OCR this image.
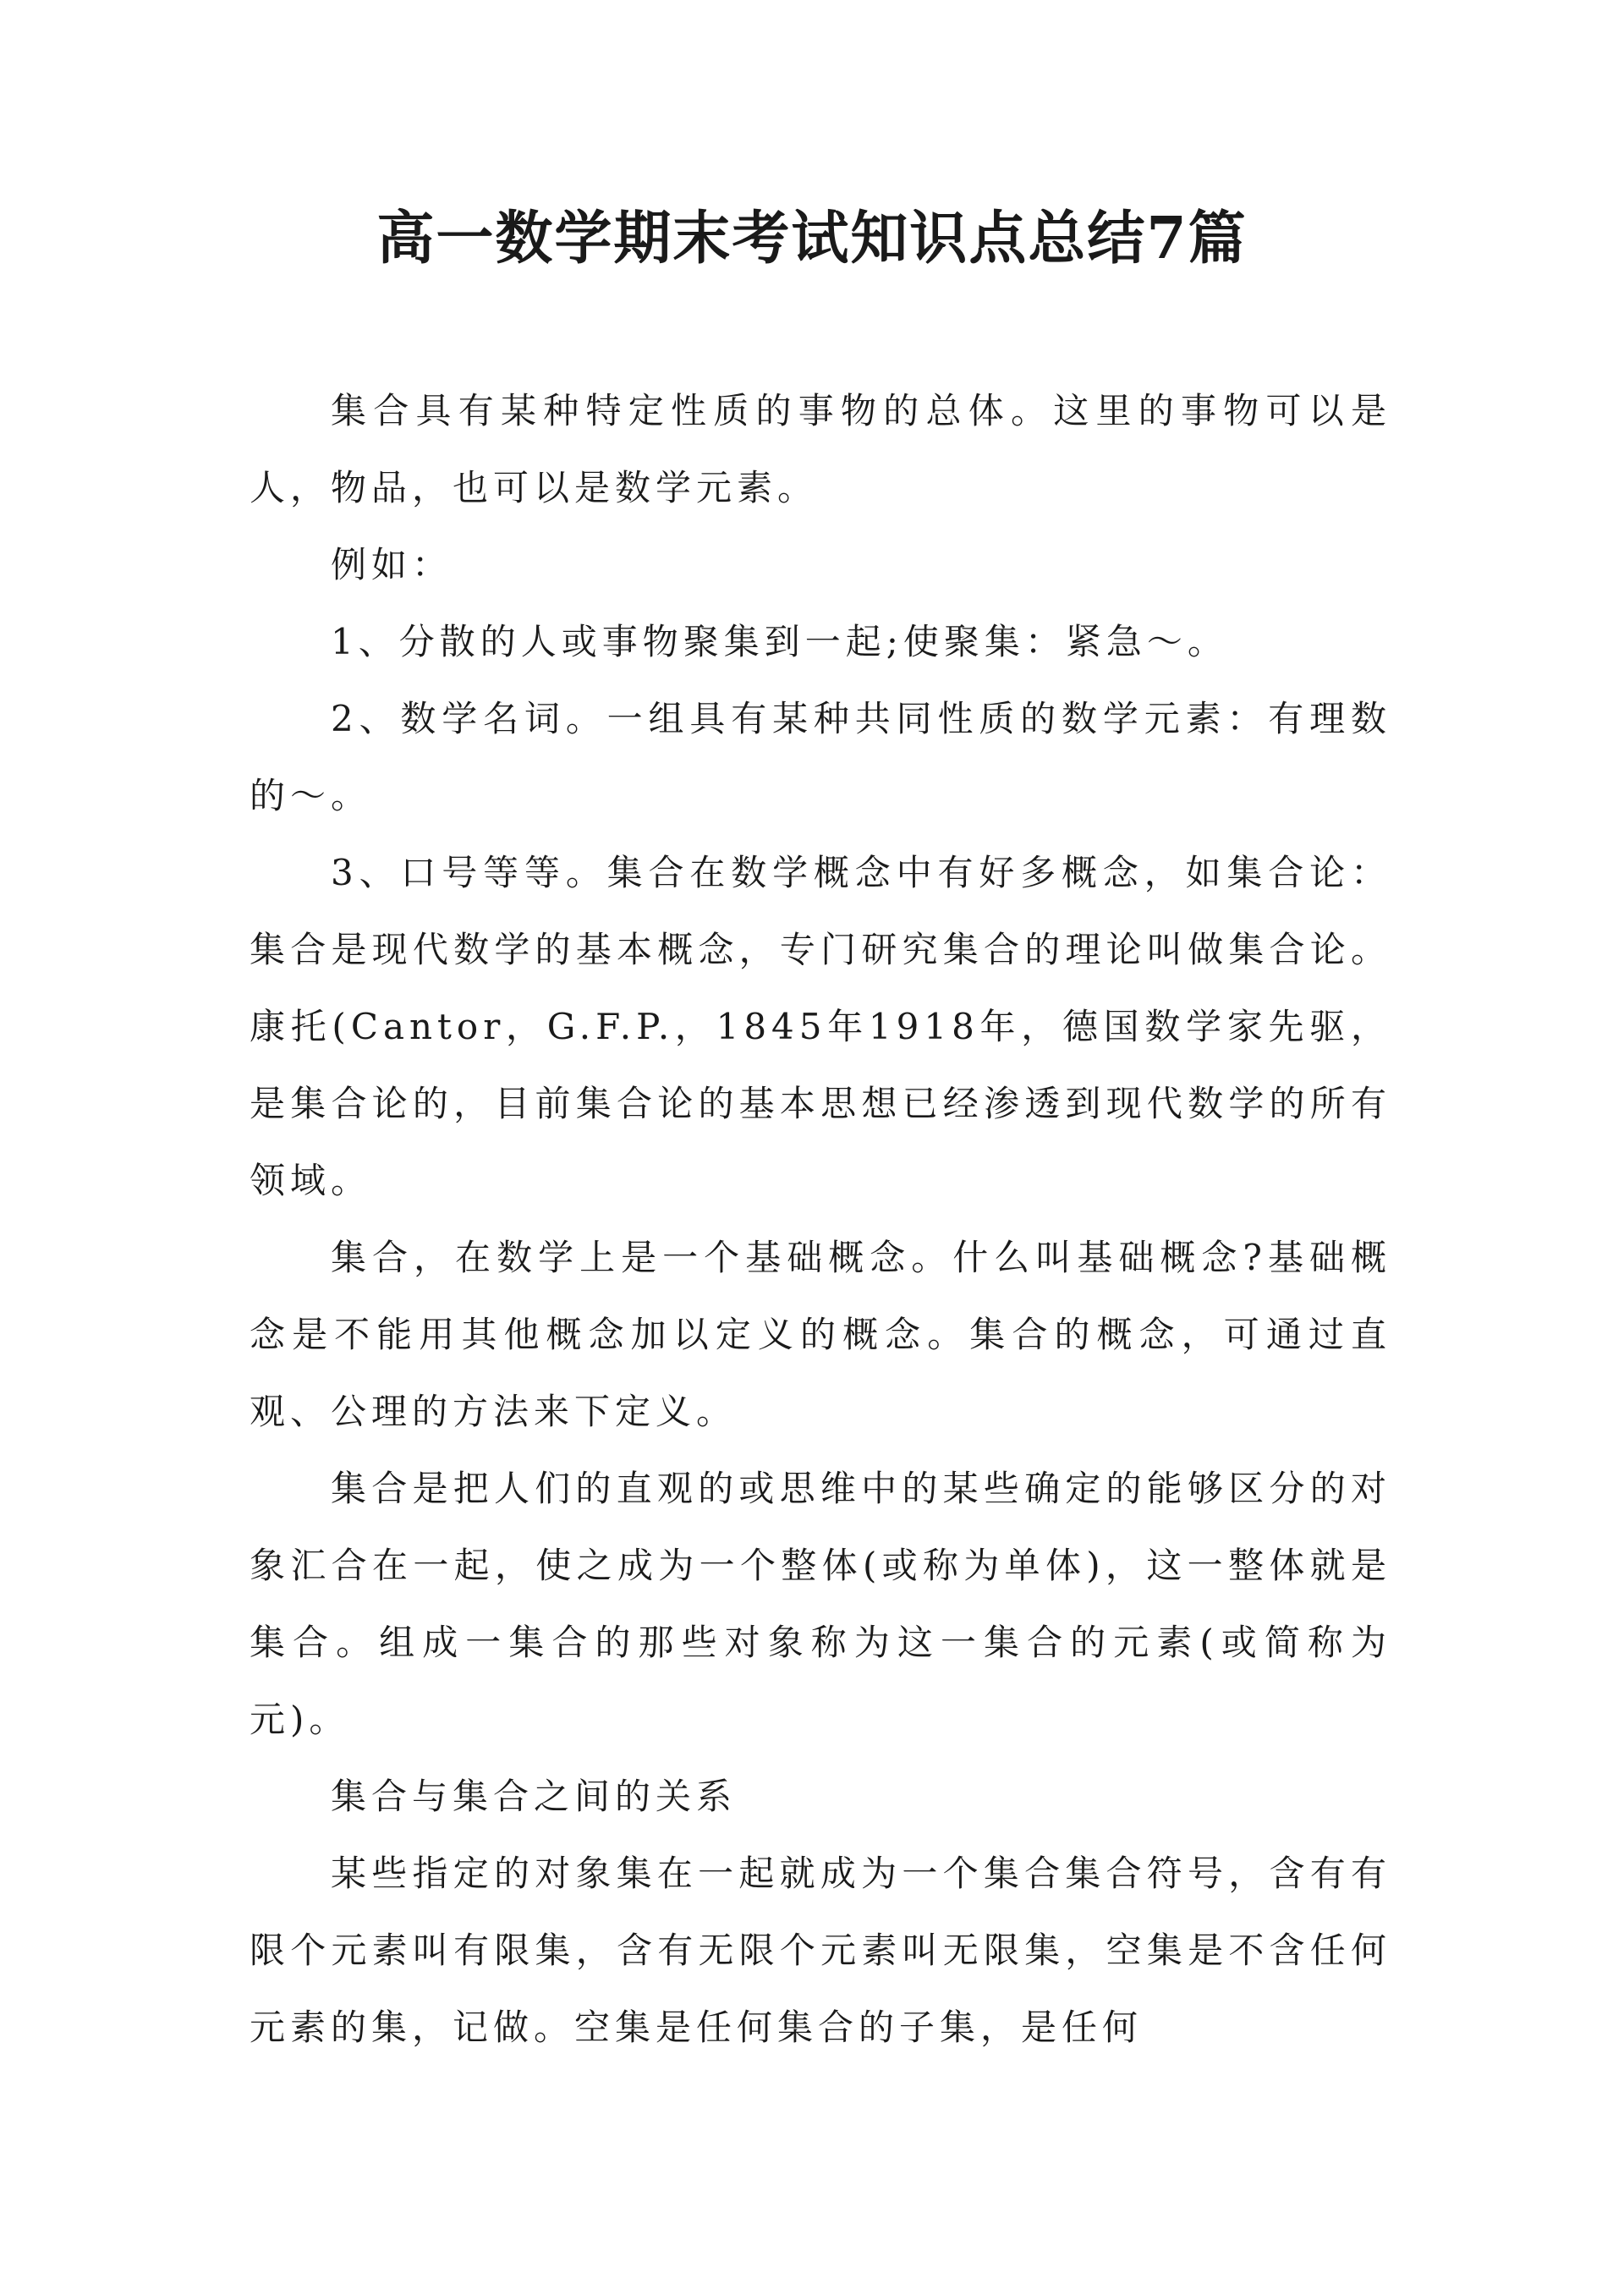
高一数学期末考试知识点总结7篇

集合具有某种特定性质的事物的总体。这里的事物可以是人，物品，也可以是数学元素。

例如：

1、分散的人或事物聚集到一起;使聚集：紧急～。

2、数学名词。一组具有某种共同性质的数学元素：有理数的～。

3、口号等等。集合在数学概念中有好多概念，如集合论：集合是现代数学的基本概念，专门研究集合的理论叫做集合论。康托(Cantor，G.F.P.，1845年1918年，德国数学家先驱，是集合论的，目前集合论的基本思想已经渗透到现代数学的所有领域。

集合，在数学上是一个基础概念。什么叫基础概念?基础概念是不能用其他概念加以定义的概念。集合的概念，可通过直观、公理的方法来下定义。

集合是把人们的直观的或思维中的某些确定的能够区分的对象汇合在一起，使之成为一个整体(或称为单体)，这一整体就是集合。组成一集合的那些对象称为这一集合的元素(或简称为元)。

集合与集合之间的关系

某些指定的对象集在一起就成为一个集合集合符号，含有有限个元素叫有限集，含有无限个元素叫无限集，空集是不含任何元素的集，记做。空集是任何集合的子集，是任何
